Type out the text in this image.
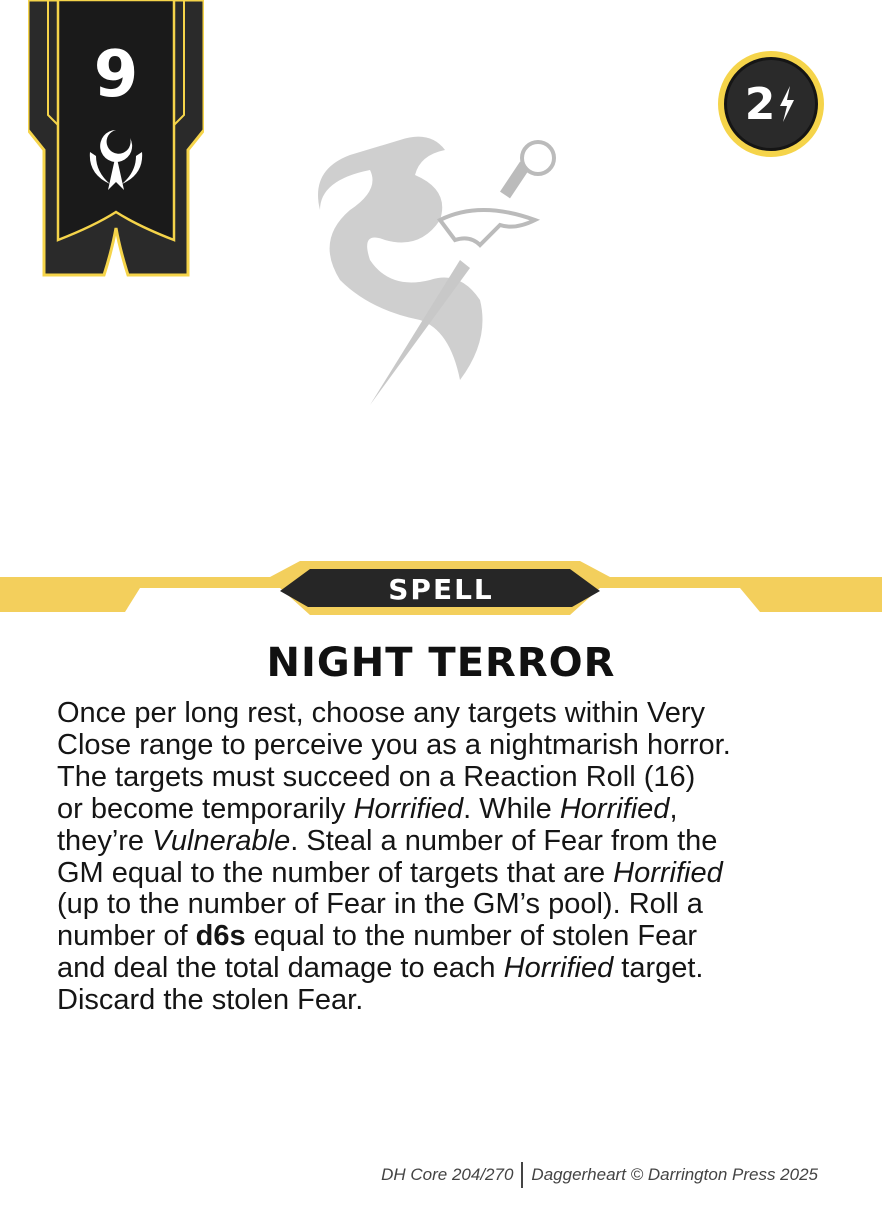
9	2
SPELL
NIGHT TERROR
Once per long rest, choose any targets within Very
Close range to perceive you as a nightmarish horror.
The targets must succeed on a Reaction Roll (16)
or become temporarily Horrified. While Horrified,
they’re Vulnerable. Steal a number of Fear from the
GM equal to the number of targets that are Horrified
(up to the number of Fear in the GM’s pool). Roll a
number of d6s equal to the number of stolen Fear
and deal the total damage to each Horrified target.
Discard the stolen Fear.
DH Core 204/270 Daggerheart © Darrington Press 2025
